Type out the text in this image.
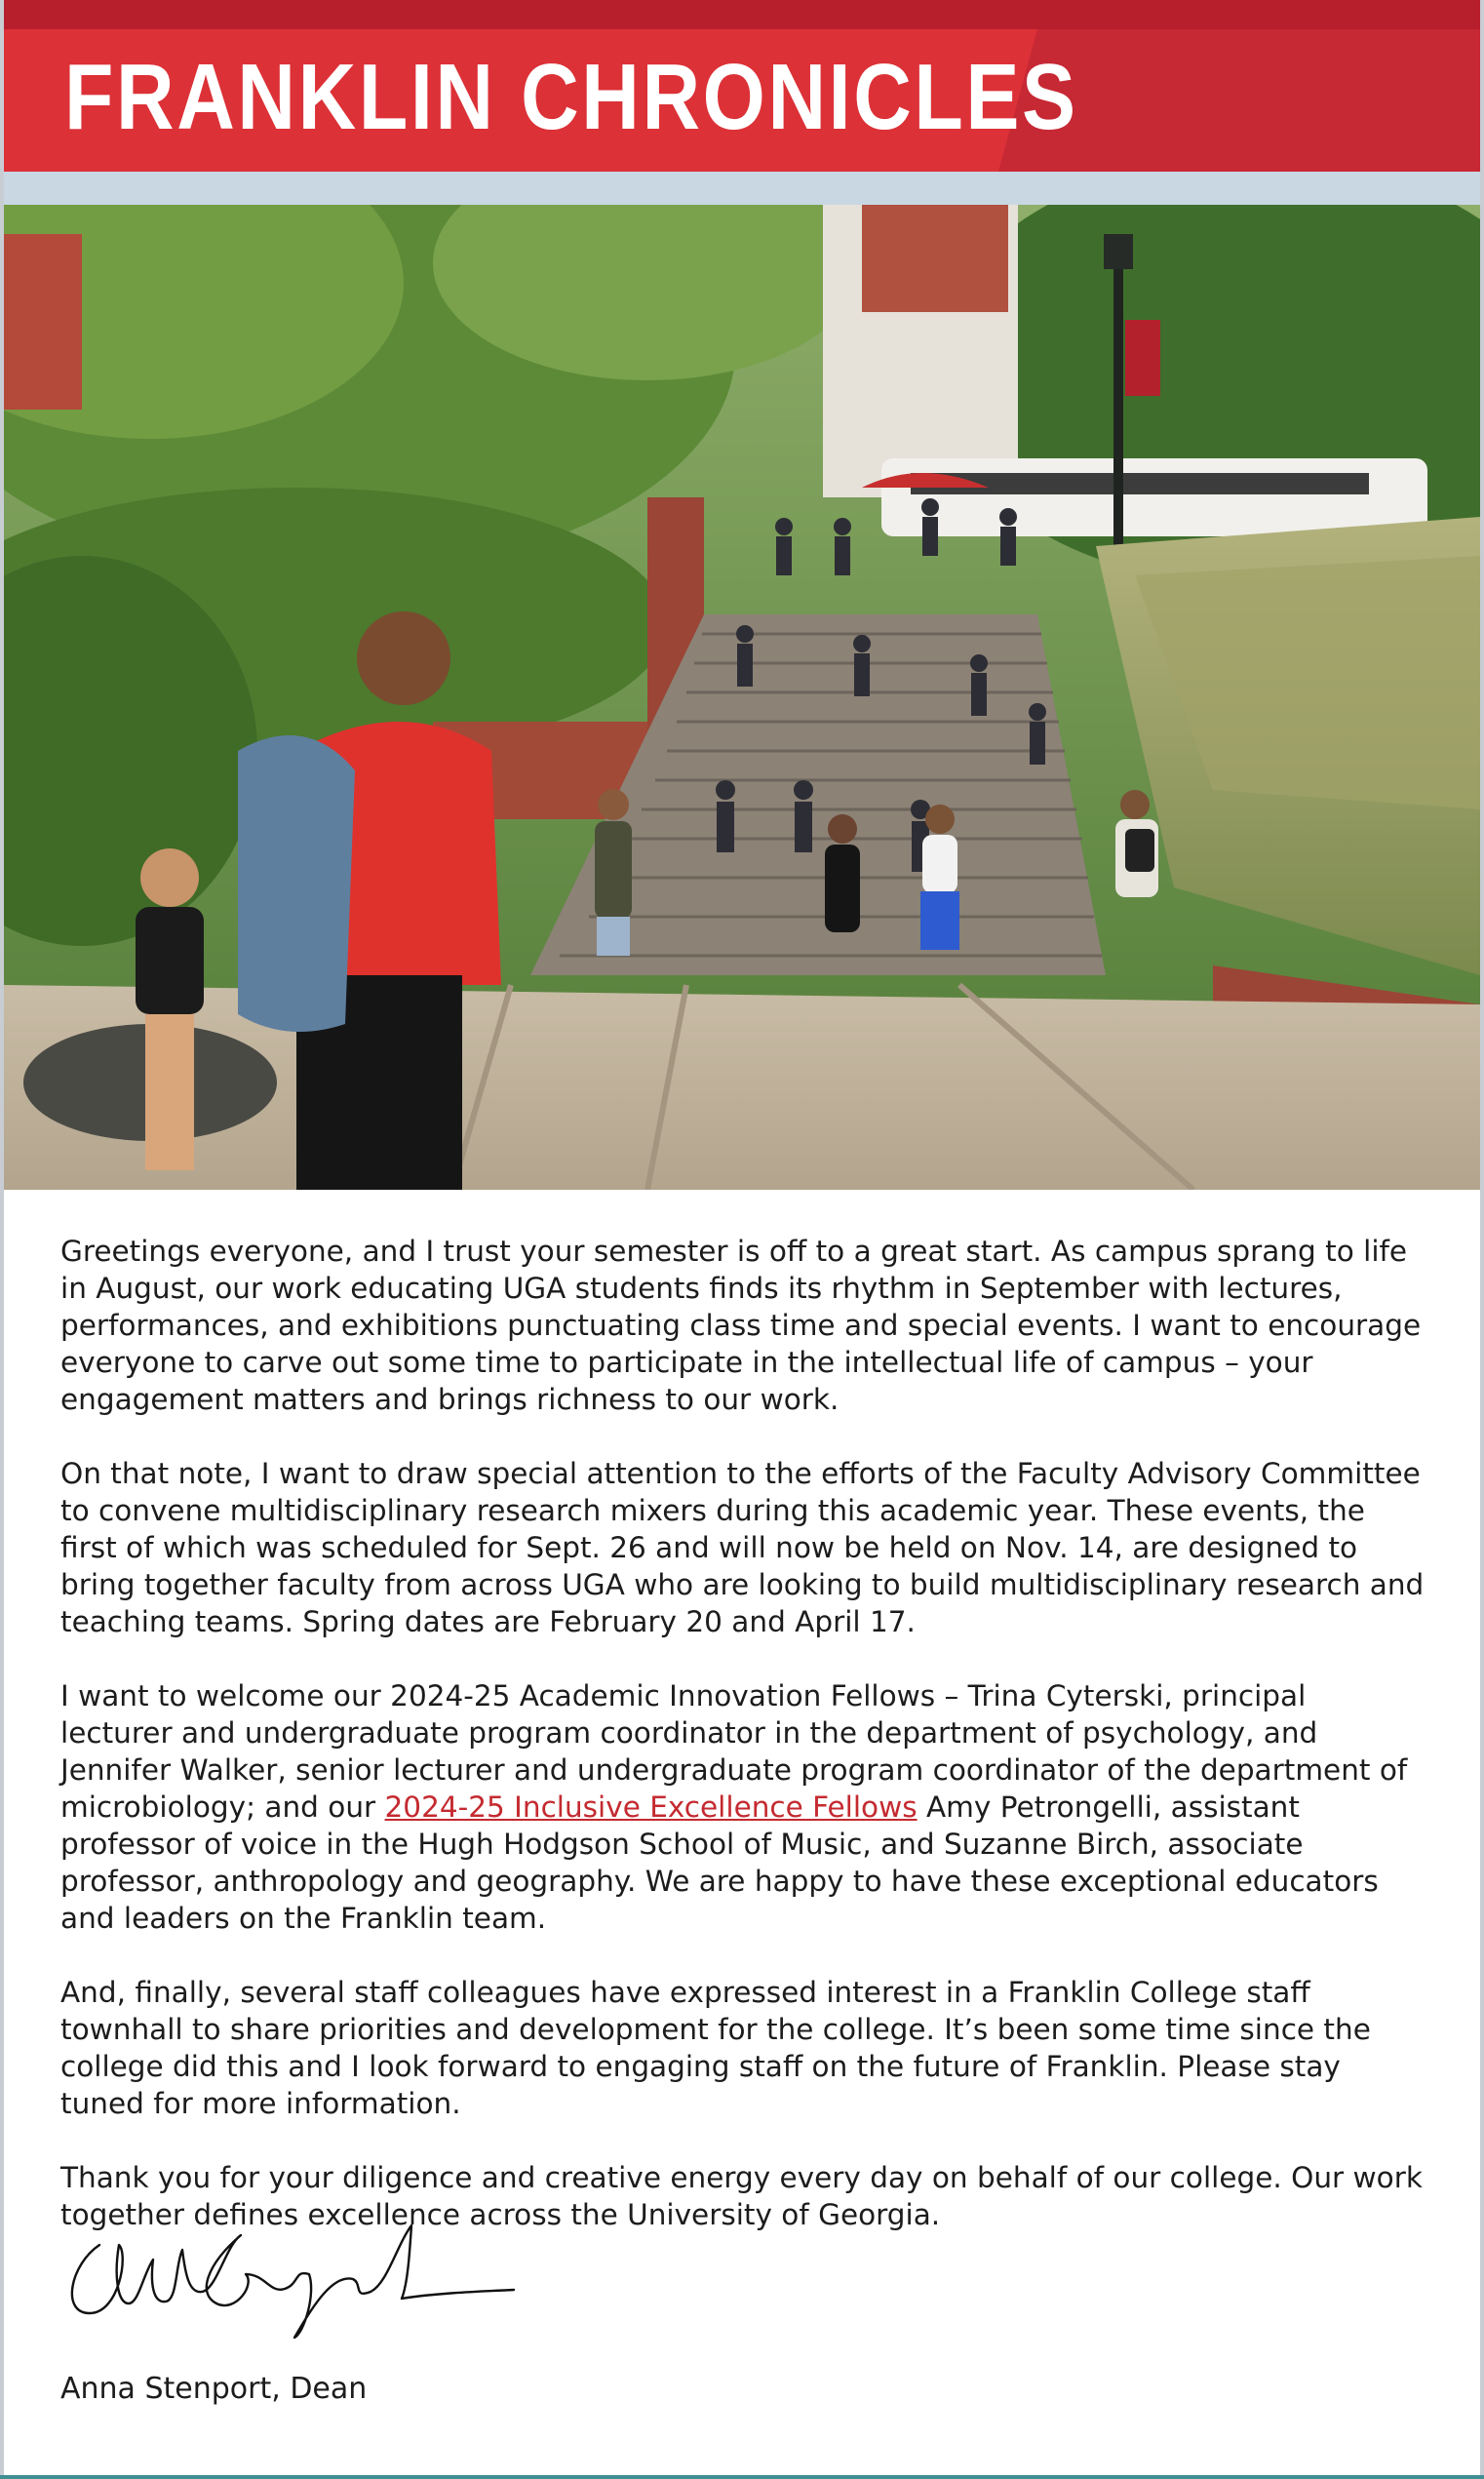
FRANKLIN CHRONICLES

Greetings everyone, and I trust your semester is off to a great start. As campus sprang to life in August, our work educating UGA students finds its rhythm in September with lectures, performances, and exhibitions punctuating class time and special events. I want to encourage everyone to carve out some time to participate in the intellectual life of campus – your engagement matters and brings richness to our work.

On that note, I want to draw special attention to the efforts of the Faculty Advisory Committee to convene multidisciplinary research mixers during this academic year. These events, the first of which was scheduled for Sept. 26 and will now be held on Nov. 14, are designed to bring together faculty from across UGA who are looking to build multidisciplinary research and teaching teams. Spring dates are February 20 and April 17.

I want to welcome our 2024-25 Academic Innovation Fellows – Trina Cyterski, principal lecturer and undergraduate program coordinator in the department of psychology, and Jennifer Walker, senior lecturer and undergraduate program coordinator of the department of microbiology; and our 2024-25 Inclusive Excellence Fellows Amy Petrongelli, assistant professor of voice in the Hugh Hodgson School of Music, and Suzanne Birch, associate professor, anthropology and geography. We are happy to have these exceptional educators and leaders on the Franklin team.

And, finally, several staff colleagues have expressed interest in a Franklin College staff townhall to share priorities and development for the college. It’s been some time since the college did this and I look forward to engaging staff on the future of Franklin. Please stay tuned for more information.

Thank you for your diligence and creative energy every day on behalf of our college. Our work together defines excellence across the University of Georgia.

Anna Stenport, Dean
